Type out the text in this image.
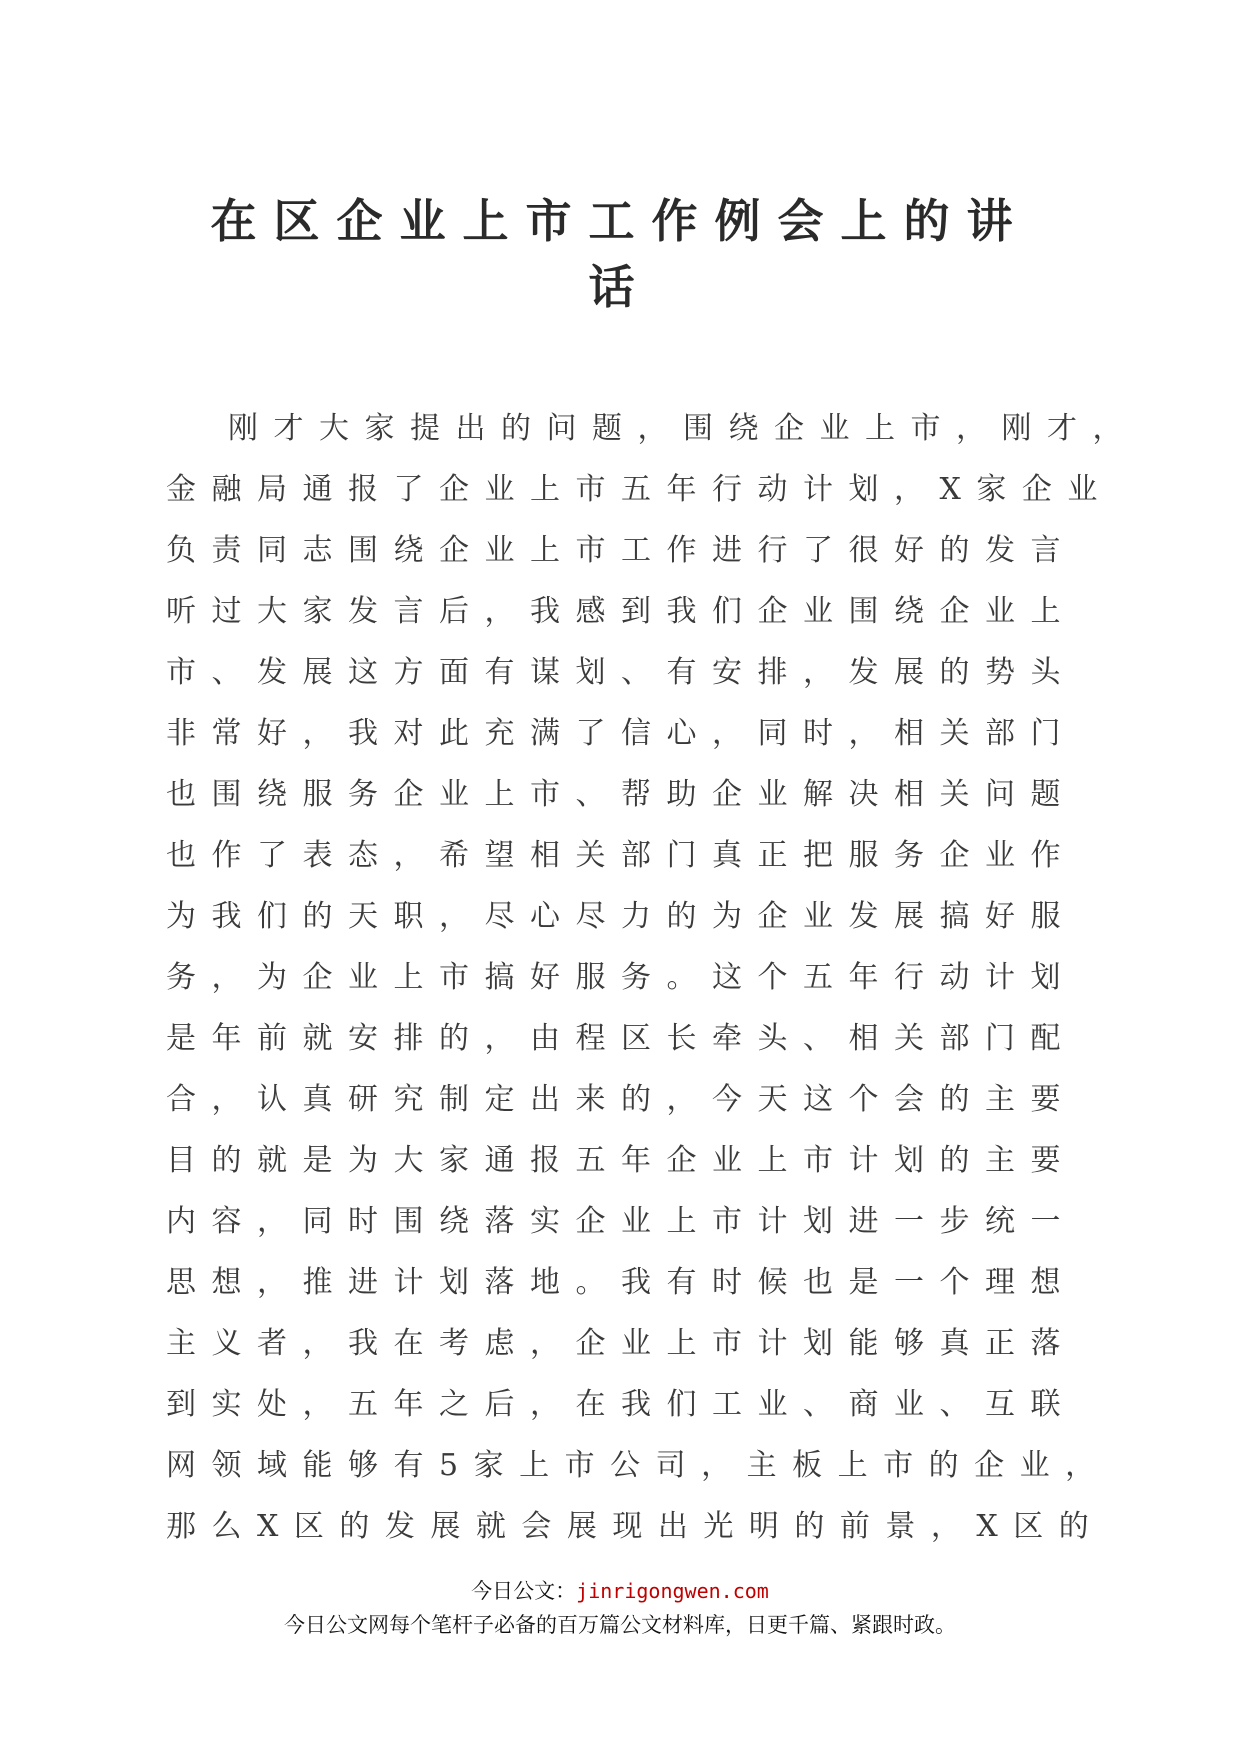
在区企业上市工作例会上的讲
话
刚才大家提出的问题，围绕企业上市，刚才，
金融局通报了企业上市五年行动计划，X家企业
负责同志围绕企业上市工作进行了很好的发言
听过大家发言后，我感到我们企业围绕企业上
市、发展这方面有谋划、有安排，发展的势头
非常好，我对此充满了信心，同时，相关部门
也围绕服务企业上市、帮助企业解决相关问题
也作了表态，希望相关部门真正把服务企业作
为我们的天职，尽心尽力的为企业发展搞好服
务，为企业上市搞好服务。这个五年行动计划
是年前就安排的，由程区长牵头、相关部门配
合，认真研究制定出来的，今天这个会的主要
目的就是为大家通报五年企业上市计划的主要
内容，同时围绕落实企业上市计划进一步统一
思想，推进计划落地。我有时候也是一个理想
主义者，我在考虑，企业上市计划能够真正落
到实处，五年之后，在我们工业、商业、互联
网领域能够有5家上市公司，主板上市的企业，
那么X区的发展就会展现出光明的前景，X区的
今日公文：jinrigongwen.com
今日公文网每个笔杆子必备的百万篇公文材料库，日更千篇、紧跟时政。
